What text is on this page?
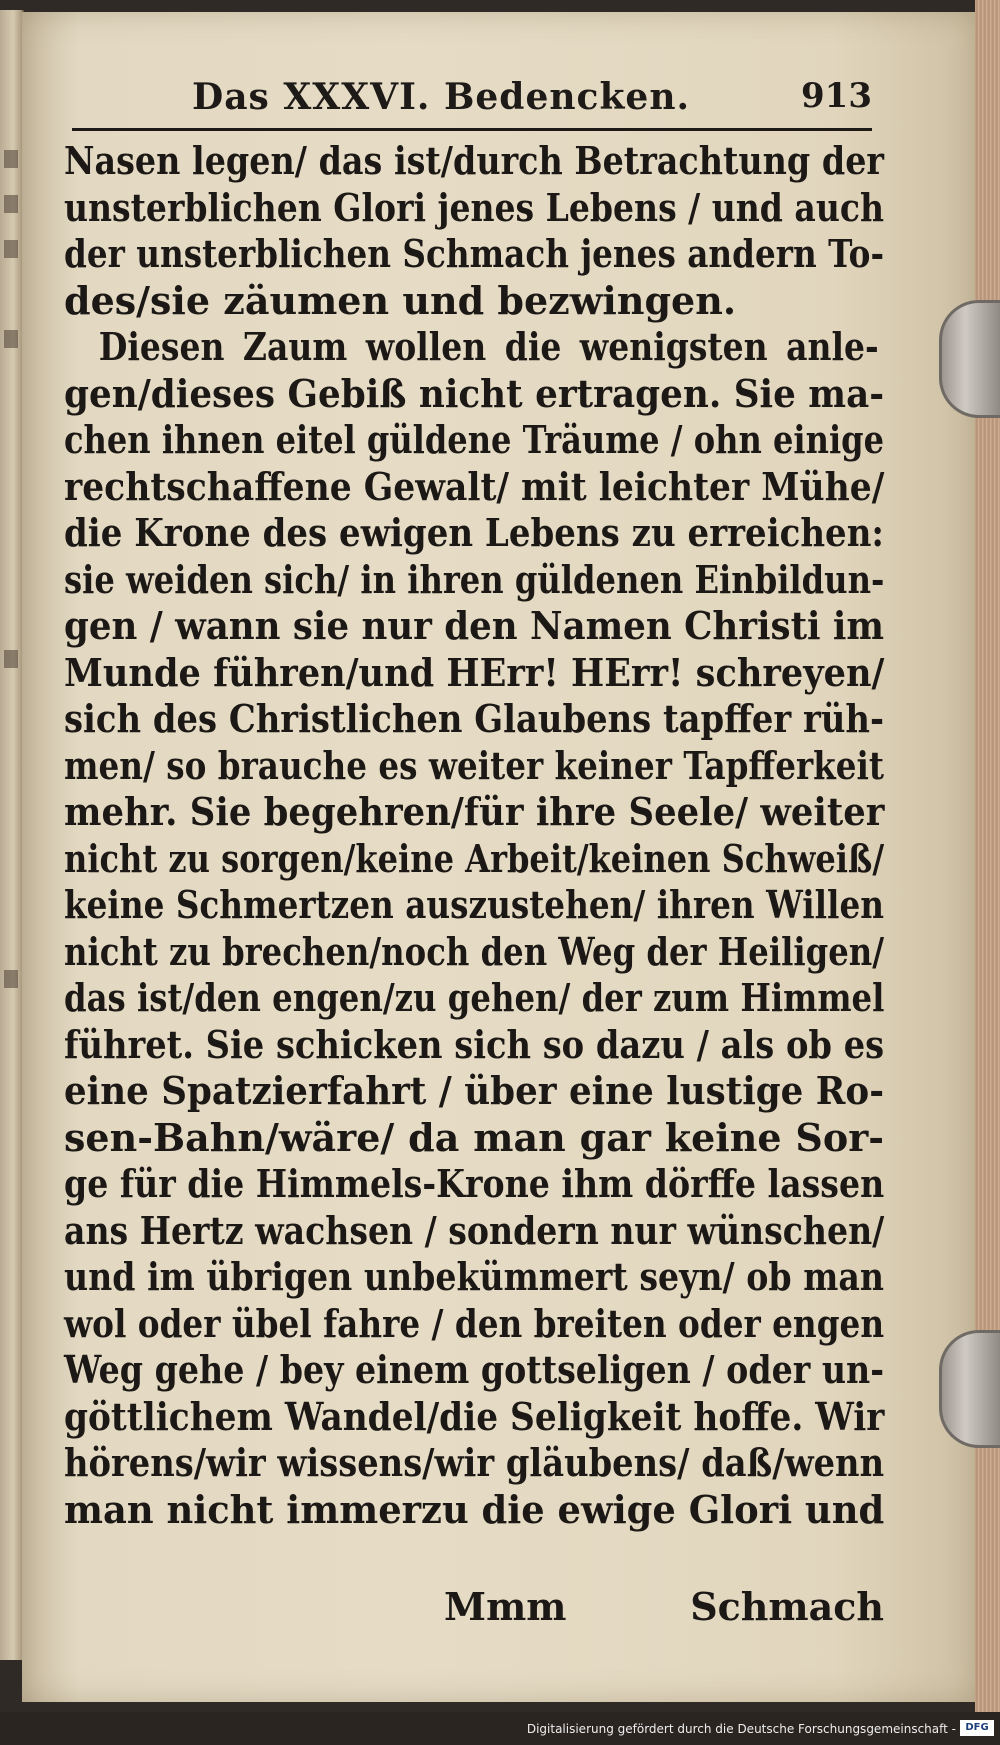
Das XXXVI. Bedencken.	913
Nasen legen/ das ist/durch Betrachtung der
unsterblichen Glori jenes Lebens / und auch
der unsterblichen Schmach jenes andern To-
des/sie zäumen und bezwingen.
Diesen Zaum wollen die wenigsten anle-
gen/dieses Gebiß nicht ertragen. Sie ma-
chen ihnen eitel güldene Träume / ohn einige
rechtschaffene Gewalt/ mit leichter Mühe/
die Krone des ewigen Lebens zu erreichen:
sie weiden sich/ in ihren güldenen Einbildun-
gen / wann sie nur den Namen Christi im
Munde führen/und HErr! HErr! schreyen/
sich des Christlichen Glaubens tapffer rüh-
men/ so brauche es weiter keiner Tapfferkeit
mehr. Sie begehren/für ihre Seele/ weiter
nicht zu sorgen/keine Arbeit/keinen Schweiß/
keine Schmertzen auszustehen/ ihren Willen
nicht zu brechen/noch den Weg der Heiligen/
das ist/den engen/zu gehen/ der zum Himmel
führet. Sie schicken sich so dazu / als ob es
eine Spatzierfahrt / über eine lustige Ro-
sen-Bahn/wäre/ da man gar keine Sor-
ge für die Himmels-Krone ihm dörffe lassen
ans Hertz wachsen / sondern nur wünschen/
und im übrigen unbekümmert seyn/ ob man
wol oder übel fahre / den breiten oder engen
Weg gehe / bey einem gottseligen / oder un-
göttlichem Wandel/die Seligkeit hoffe. Wir
hörens/wir wissens/wir gläubens/ daß/wenn
man nicht immerzu die ewige Glori und
Mmm	Schmach
Digitalisierung gefördert durch die Deutsche Forschungsgemeinschaft - DFG
